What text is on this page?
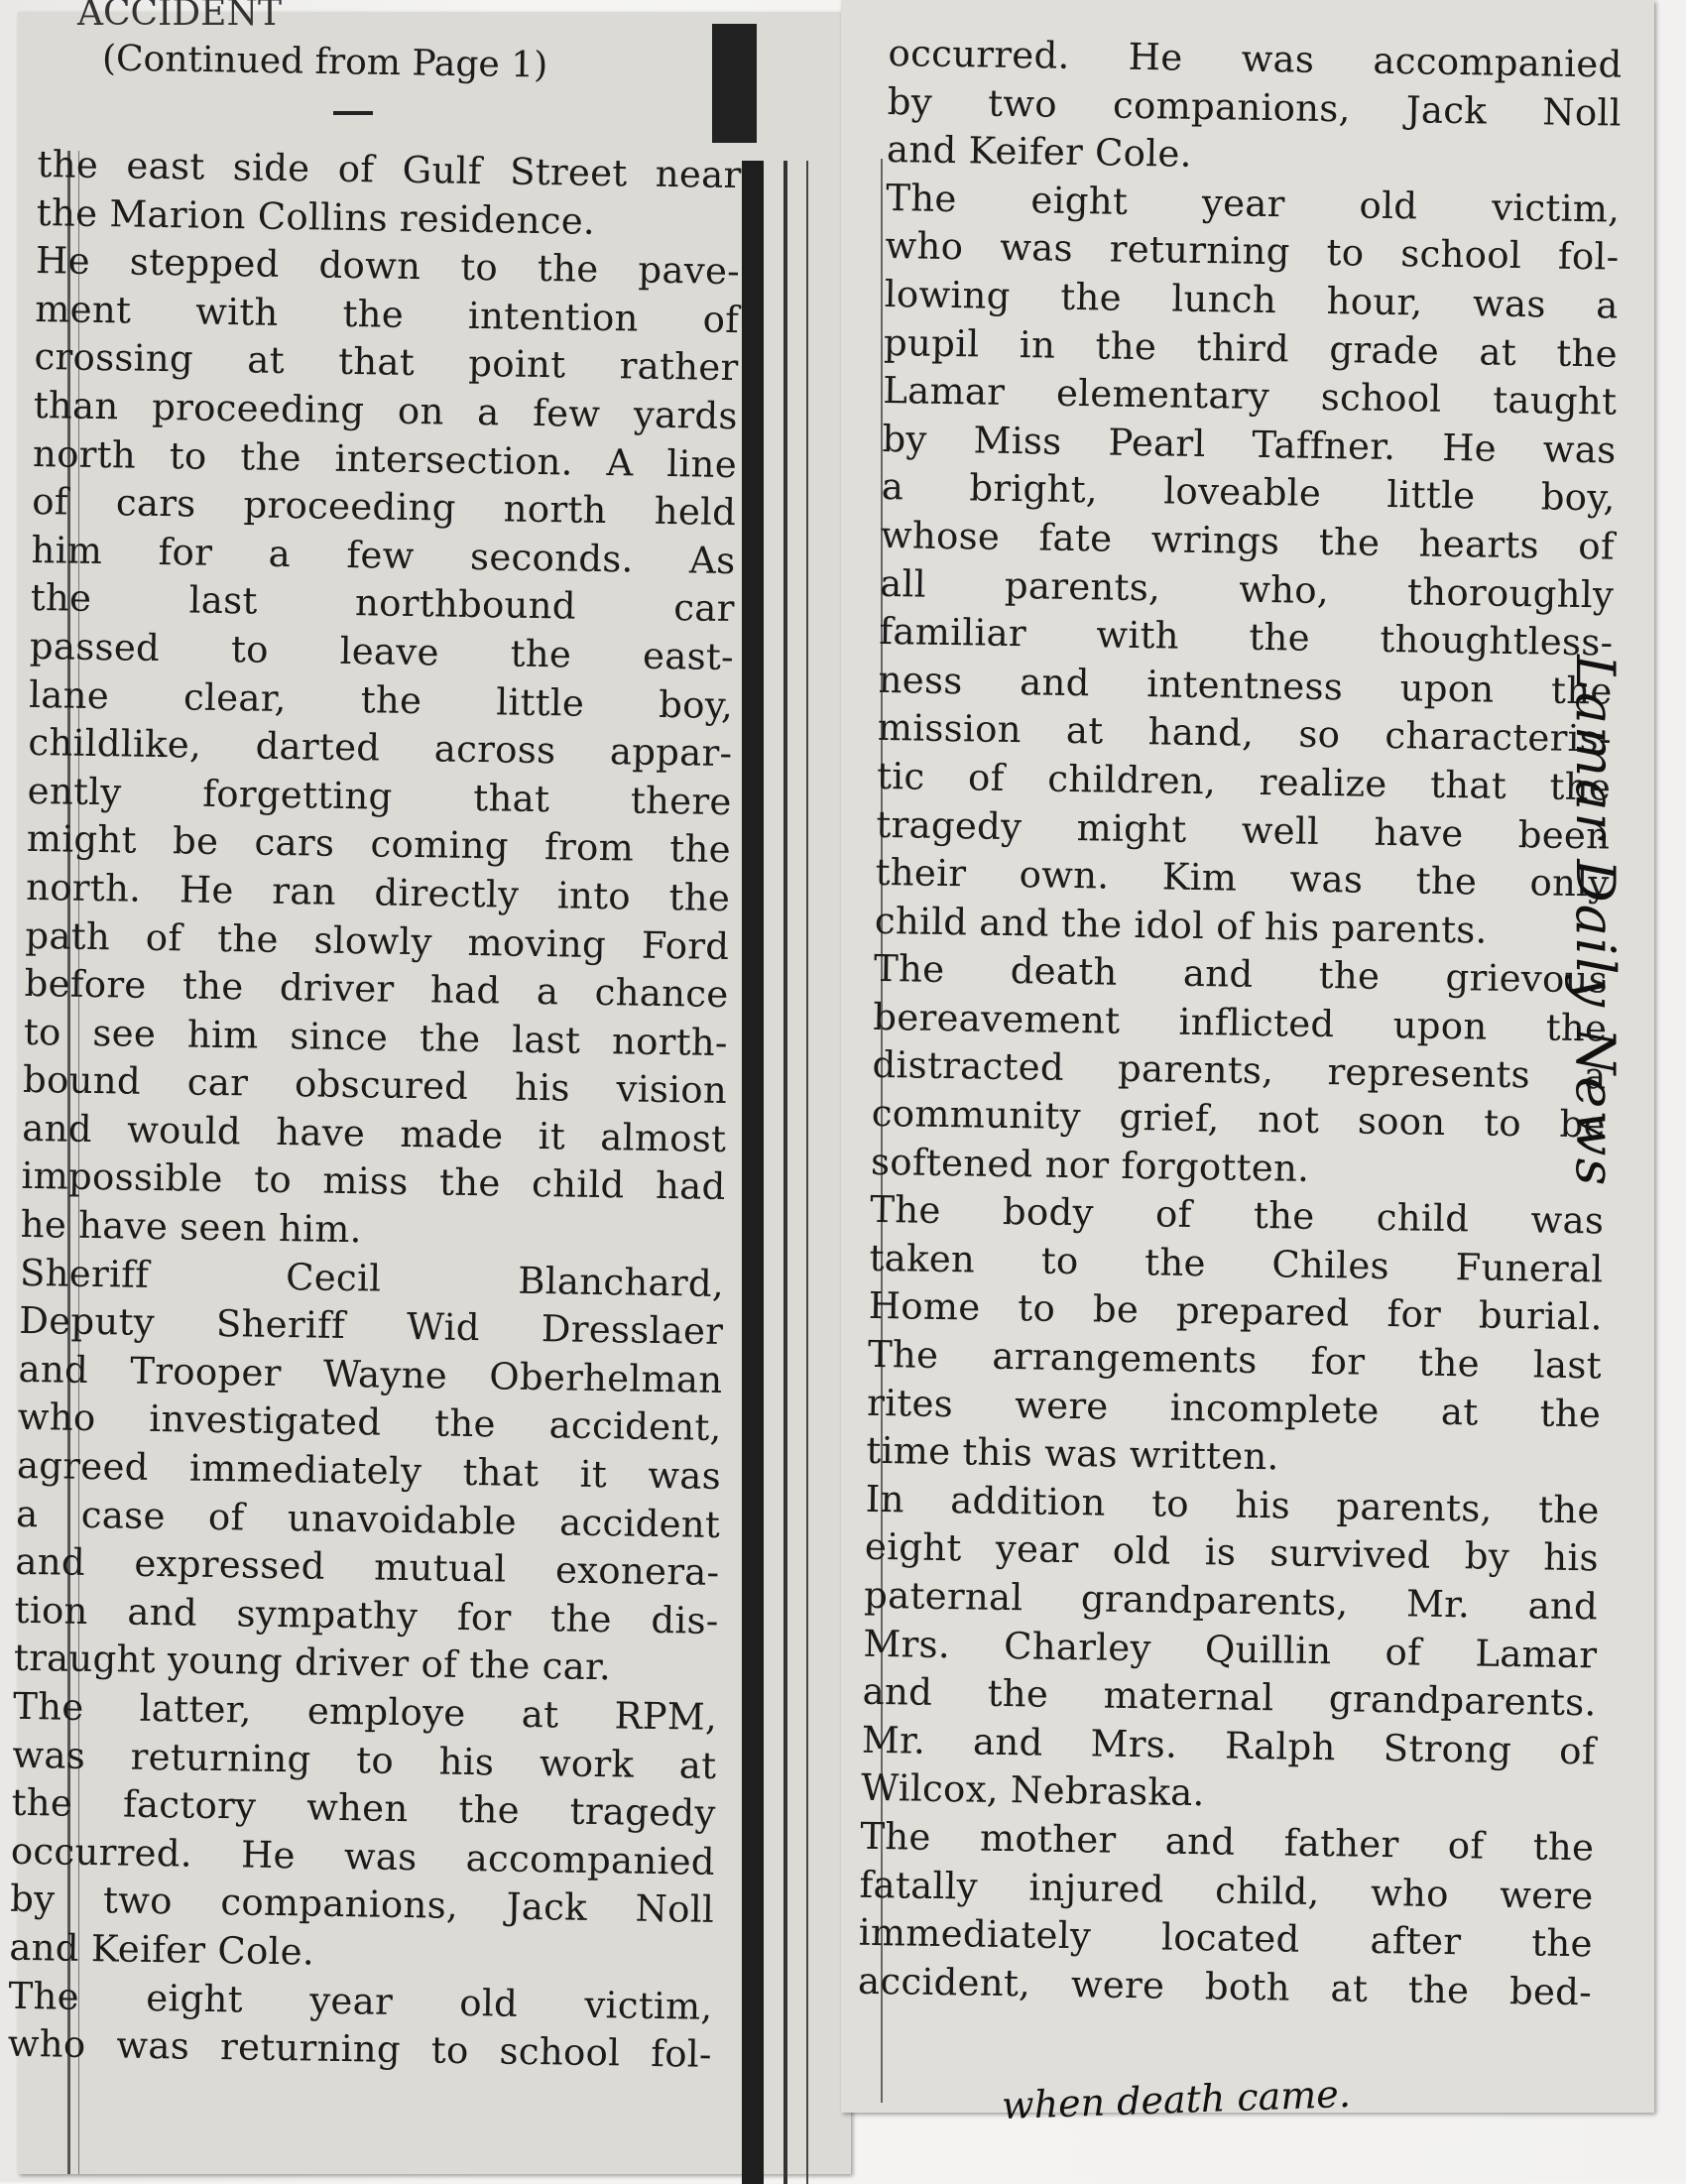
ACCIDENT
(Continued from Page 1)
the east side of Gulf Street near
the Marion Collins residence.
He stepped down to the pave-
ment with the intention of
crossing at that point rather
than proceeding on a few yards
north to the intersection. A line
of cars proceeding north held
him for a few seconds. As
the last northbound car
passed to leave the east-
lane clear, the little boy,
childlike, darted across appar-
ently forgetting that there
might be cars coming from the
north. He ran directly into the
path of the slowly moving Ford
before the driver had a chance
to see him since the last north-
bound car obscured his vision
and would have made it almost
impossible to miss the child had
he have seen him.
Sheriff Cecil Blanchard,
Deputy Sheriff Wid Dresslaer
and Trooper Wayne Oberhelman
who investigated the accident,
agreed immediately that it was
a case of unavoidable accident
and expressed mutual exonera-
tion and sympathy for the dis-
traught young driver of the car.
The latter, employe at RPM,
was returning to his work at
the factory when the tragedy
occurred. He was accompanied
by two companions, Jack Noll
and Keifer Cole.
The eight year old victim,
who was returning to school fol-
occurred. He was accompanied
by two companions, Jack Noll
and Keifer Cole.
The eight year old victim,
who was returning to school fol-
lowing the lunch hour, was a
pupil in the third grade at the
Lamar elementary school taught
by Miss Pearl Taffner. He was
a bright, loveable little boy,
whose fate wrings the hearts of
all parents, who, thoroughly
familiar with the thoughtless-
ness and intentness upon the
mission at hand, so characteris-
tic of children, realize that the
tragedy might well have been
their own. Kim was the only
child and the idol of his parents.
The death and the grievous
bereavement inflicted upon the
distracted parents, represents a
community grief, not soon to be
softened nor forgotten.
The body of the child was
taken to the Chiles Funeral
Home to be prepared for burial.
The arrangements for the last
rites were incomplete at the
time this was written.
In addition to his parents, the
eight year old is survived by his
paternal grandparents, Mr. and
Mrs. Charley Quillin of Lamar
and the maternal grandparents.
Mr. and Mrs. Ralph Strong of
Wilcox, Nebraska.
The mother and father of the
fatally injured child, who were
immediately located after the
accident, were both at the bed-
Lamar Daily News
when death came.
